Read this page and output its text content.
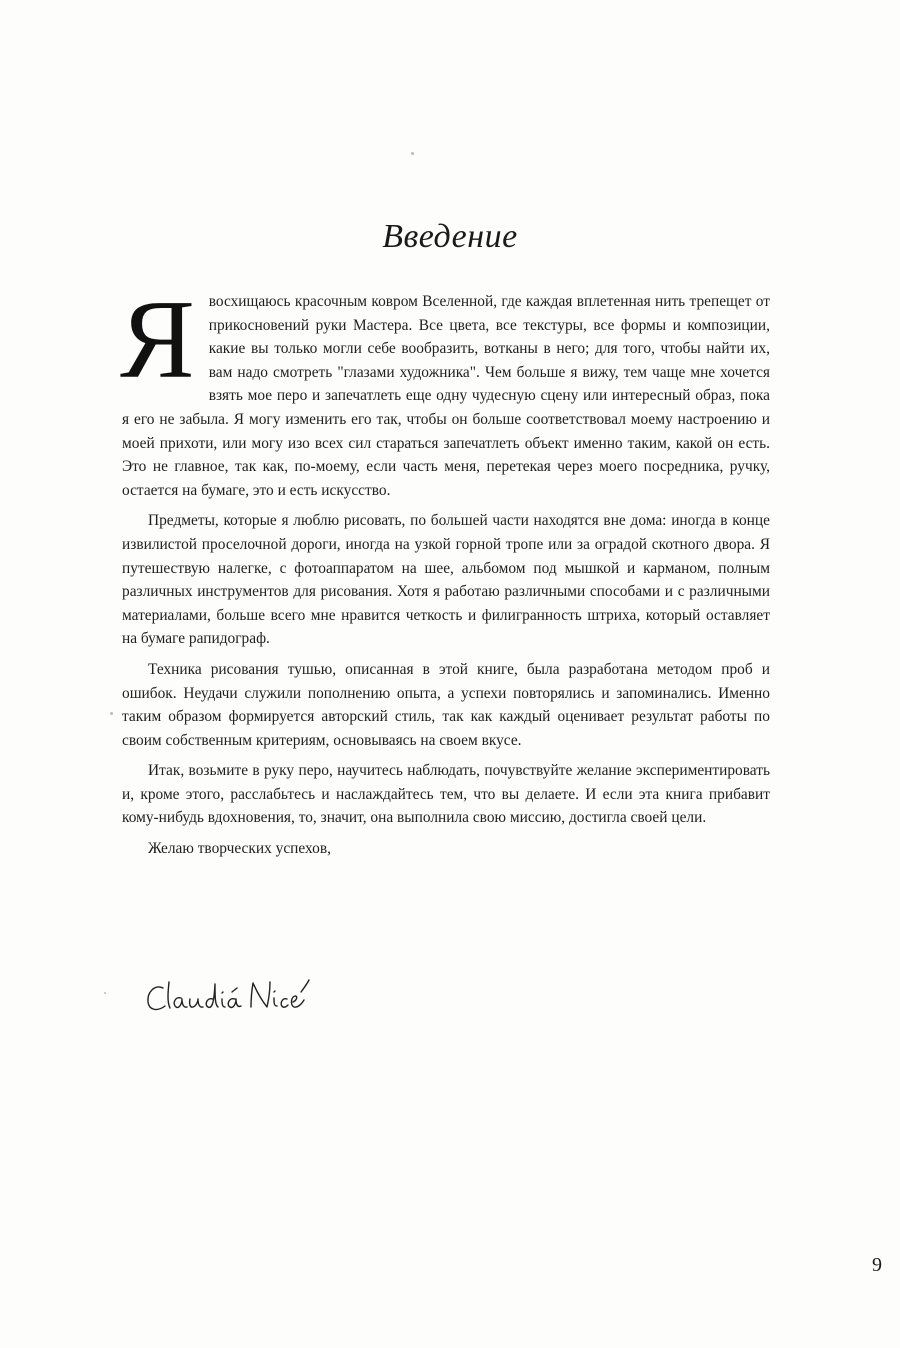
Введение

Явосхищаюсь красочным ковром Вселенной, где каждая вплетенная нить трепещет от прикосновений руки Мастера. Все цвета, все текстуры, все формы и композиции, какие вы только могли себе вообразить, вотканы в него; для того, чтобы найти их, вам надо смотреть "глазами художника". Чем больше я вижу, тем чаще мне хочется взять мое перо и запечатлеть еще одну чудесную сцену или интересный образ, пока я его не забыла. Я могу изменить его так, чтобы он больше соответствовал моему настроению и моей прихоти, или могу изо всех сил стараться запечатлеть объект именно таким, какой он есть. Это не главное, так как, по-моему, если часть меня, перетекая через моего посредника, ручку, остается на бумаге, это и есть искусство.

Предметы, которые я люблю рисовать, по большей части находятся вне дома: иногда в конце извилистой проселочной дороги, иногда на узкой горной тропе или за оградой скотного двора. Я путешествую налегке, с фотоаппаратом на шее, альбомом под мышкой и карманом, полным различных инструментов для рисования. Хотя я работаю различными способами и с различными материалами, больше всего мне нравится четкость и филигранность штриха, который оставляет на бумаге рапидограф.

Техника рисования тушью, описанная в этой книге, была разработана методом проб и ошибок. Неудачи служили пополнению опыта, а успехи повторялись и запоминались. Именно таким образом формируется авторский стиль, так как каждый оценивает результат работы по своим собственным критериям, основываясь на своем вкусе.

Итак, возьмите в руку перо, научитесь наблюдать, почувствуйте желание экспериментировать и, кроме этого, расслабьтесь и наслаждайтесь тем, что вы делаете. И если эта книга прибавит кому-нибудь вдохновения, то, значит, она выполнила свою миссию, достигла своей цели.

Желаю творческих успехов,

9
